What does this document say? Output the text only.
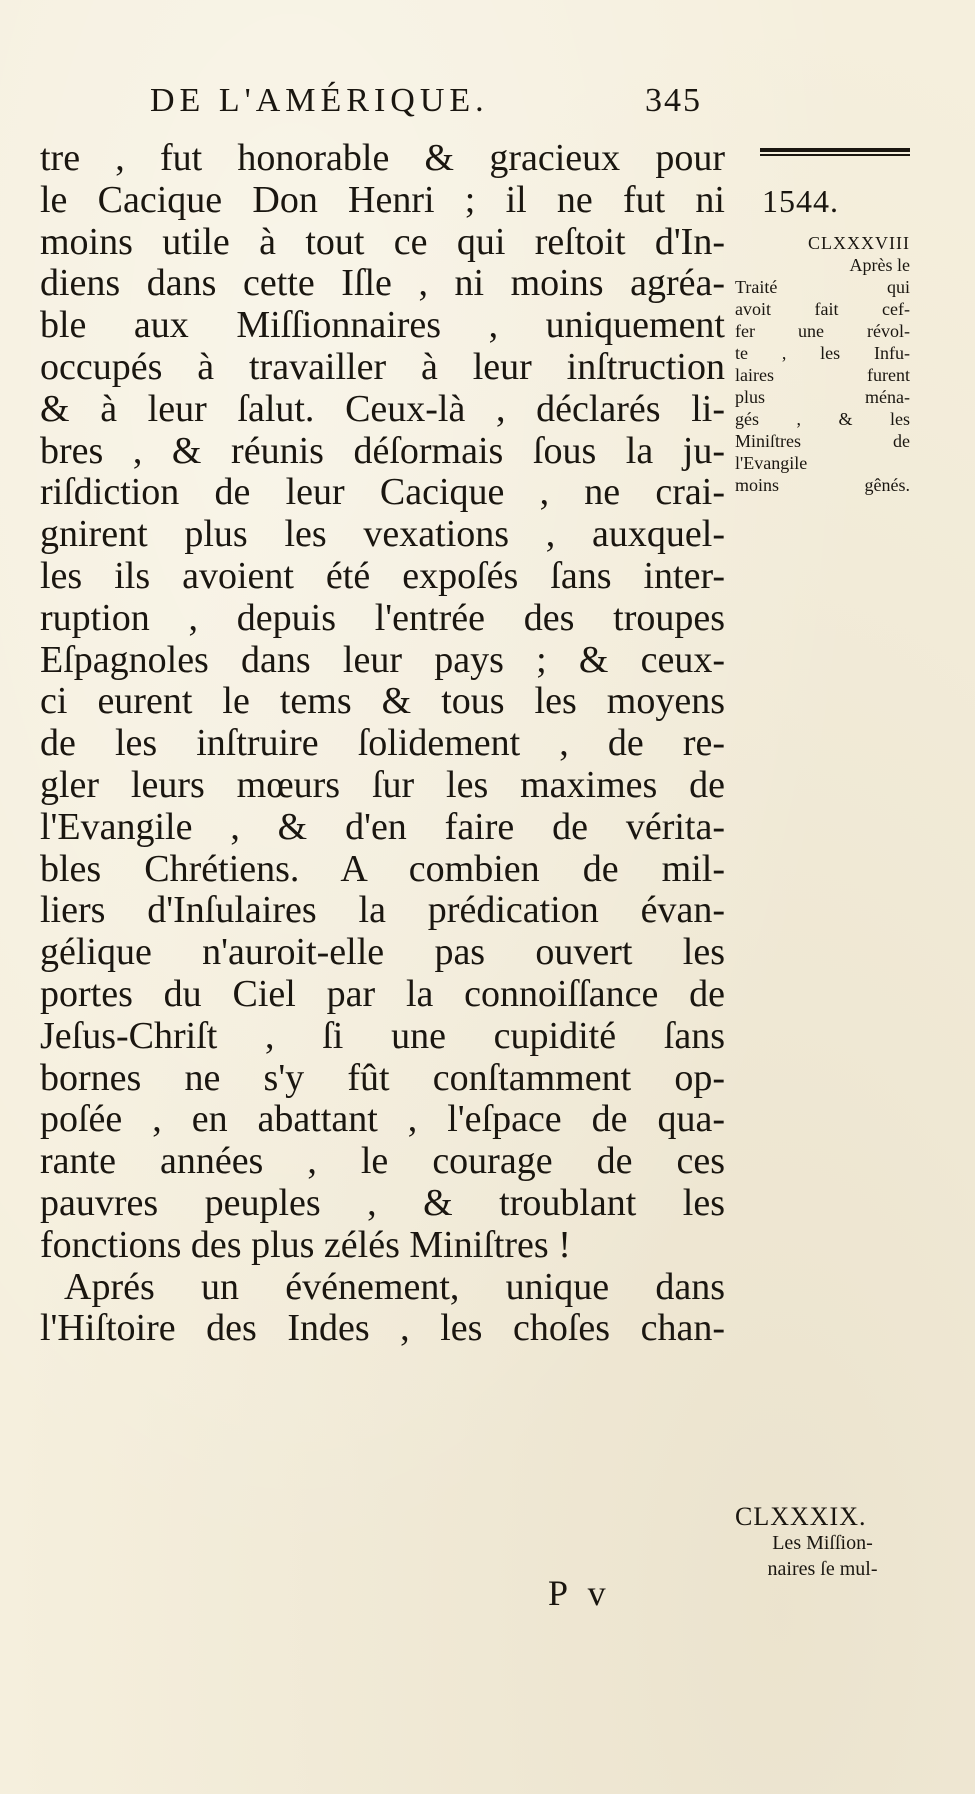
DE L'AMÉRIQUE.	345
tre , fut honorable & gracieux pour
le Cacique Don Henri ; il ne fut ni
moins utile à tout ce qui reſtoit d'In-
diens dans cette Iſle , ni moins agréa-
ble aux Miſſionnaires , uniquement
occupés à travailler à leur inſtruction
& à leur ſalut. Ceux-là , déclarés li-
bres , & réunis déſormais ſous la ju-
riſdiction de leur Cacique , ne crai-
gnirent plus les vexations , auxquel-
les ils avoient été expoſés ſans inter-
ruption , depuis l'entrée des troupes
Eſpagnoles dans leur pays ; & ceux-
ci eurent le tems & tous les moyens
de les inſtruire ſolidement , de re-
gler leurs mœurs ſur les maximes de
l'Evangile , & d'en faire de vérita-
bles Chrétiens. A combien de mil-
liers d'Inſulaires la prédication évan-
gélique n'auroit-elle pas ouvert les
portes du Ciel par la connoiſſance de
Jeſus-Chriſt , ſi une cupidité ſans
bornes ne s'y fût conſtamment op-
poſée , en abattant , l'eſpace de qua-
rante années , le courage de ces
pauvres peuples , & troublant les
fonctions des plus zélés Miniſtres !
Aprés un événement, unique dans
l'Hiſtoire des Indes , les choſes chan-
1544.
CLXXXVIII
Après le
Traité qui
avoit fait cef-
fer une révol-
te , les Infu-
laires furent
plus ména-
gés , & les
Miniſtres de
l'Evangile
moins gênés.
CLXXXIX.
Les Miſſion-
naires ſe mul-
P v
